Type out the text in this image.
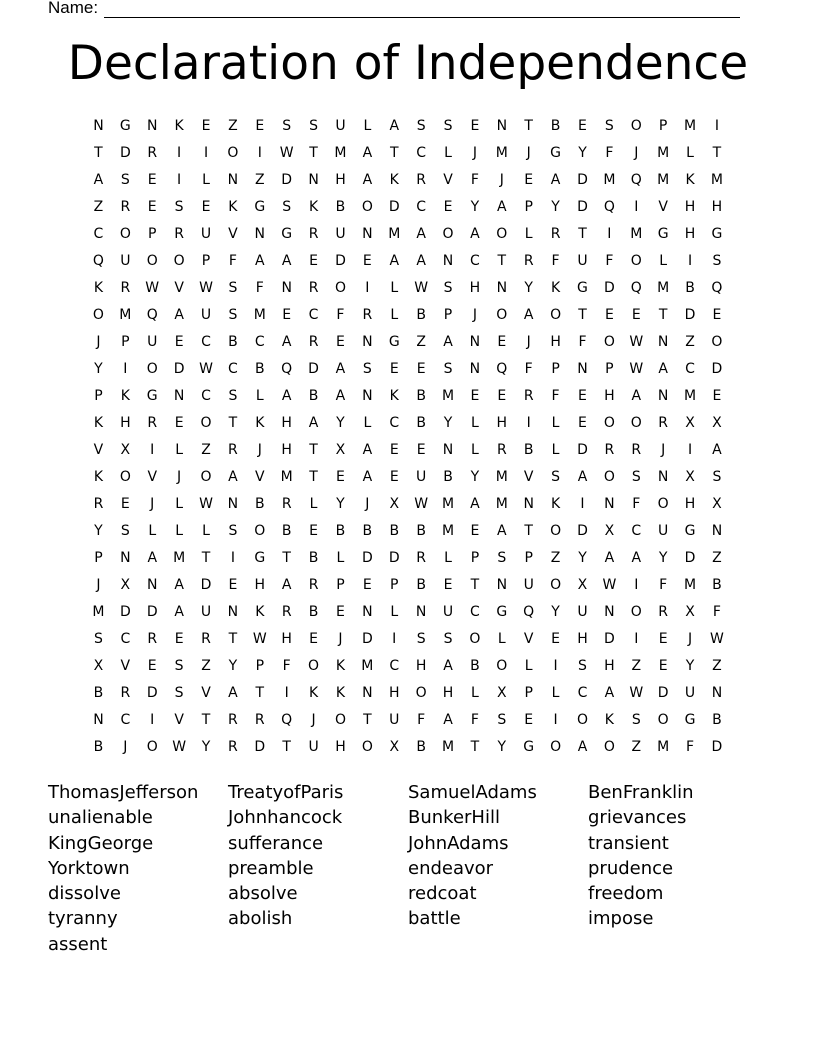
Name:
Declaration of Independence
N	G	N	K	E	Z	E	S	S	U	L	A	S	S	E	N	T	B	E	S	O	P	M	I
T	D	R	I	I	O	I	W	T	M	A	T	C	L	J	M	J	G	Y	F	J	M	L	T
A	S	E	I	L	N	Z	D	N	H	A	K	R	V	F	J	E	A	D	M	Q	M	K	M
Z	R	E	S	E	K	G	S	K	B	O	D	C	E	Y	A	P	Y	D	Q	I	V	H	H
C	O	P	R	U	V	N	G	R	U	N	M	A	O	A	O	L	R	T	I	M	G	H	G
Q	U	O	O	P	F	A	A	E	D	E	A	A	N	C	T	R	F	U	F	O	L	I	S
K	R	W	V	W	S	F	N	R	O	I	L	W	S	H	N	Y	K	G	D	Q	M	B	Q
O	M	Q	A	U	S	M	E	C	F	R	L	B	P	J	O	A	O	T	E	E	T	D	E
J	P	U	E	C	B	C	A	R	E	N	G	Z	A	N	E	J	H	F	O	W	N	Z	O
Y	I	O	D	W	C	B	Q	D	A	S	E	E	S	N	Q	F	P	N	P	W	A	C	D
P	K	G	N	C	S	L	A	B	A	N	K	B	M	E	E	R	F	E	H	A	N	M	E
K	H	R	E	O	T	K	H	A	Y	L	C	B	Y	L	H	I	L	E	O	O	R	X	X
V	X	I	L	Z	R	J	H	T	X	A	E	E	N	L	R	B	L	D	R	R	J	I	A
K	O	V	J	O	A	V	M	T	E	A	E	U	B	Y	M	V	S	A	O	S	N	X	S
R	E	J	L	W	N	B	R	L	Y	J	X	W M	A	M	N	K	I	N	F	O	H	X
Y	S	L	L	L	S	O	B	E	B	B	B	B	M	E	A	T	O	D	X	C	U	G	N
P	N	A	M	T	I	G	T	B	L	D	D	R	L	P	S	P	Z	Y	A	A	Y	D	Z
J	X	N	A	D	E	H	A	R	P	E	P	B	E	T	N	U	O	X	W	I	F	M	B
M	D	D	A	U	N	K	R	B	E	N	L	N	U	C	G	Q	Y	U	N	O	R	X	F
S	C	R	E	R	T	W	H	E	J	D	I	S	S	O	L	V	E	H	D	I	E	J	W
X	V	E	S	Z	Y	P	F	O	K	M	C	H	A	B	O	L	I	S	H	Z	E	Y	Z
B	R	D	S	V	A	T	I	K	K	N	H	O	H	L	X	P	L	C	A	W	D	U	N
N	C	I	V	T	R	R	Q	J	O	T	U	F	A	F	S	E	I	O	K	S	O	G	B
B	J	O	W	Y	R	D	T	U	H	O	X	B	M	T	Y	G	O	A	O	Z	M	F	D
ThomasJefferson	TreatyofParis	SamuelAdams	BenFranklin
unalienable	Johnhancock	BunkerHill	grievances
KingGeorge	sufferance	JohnAdams	transient
Yorktown	preamble	endeavor	prudence
dissolve	absolve	redcoat	freedom
tyranny	abolish	battle	impose
assent
